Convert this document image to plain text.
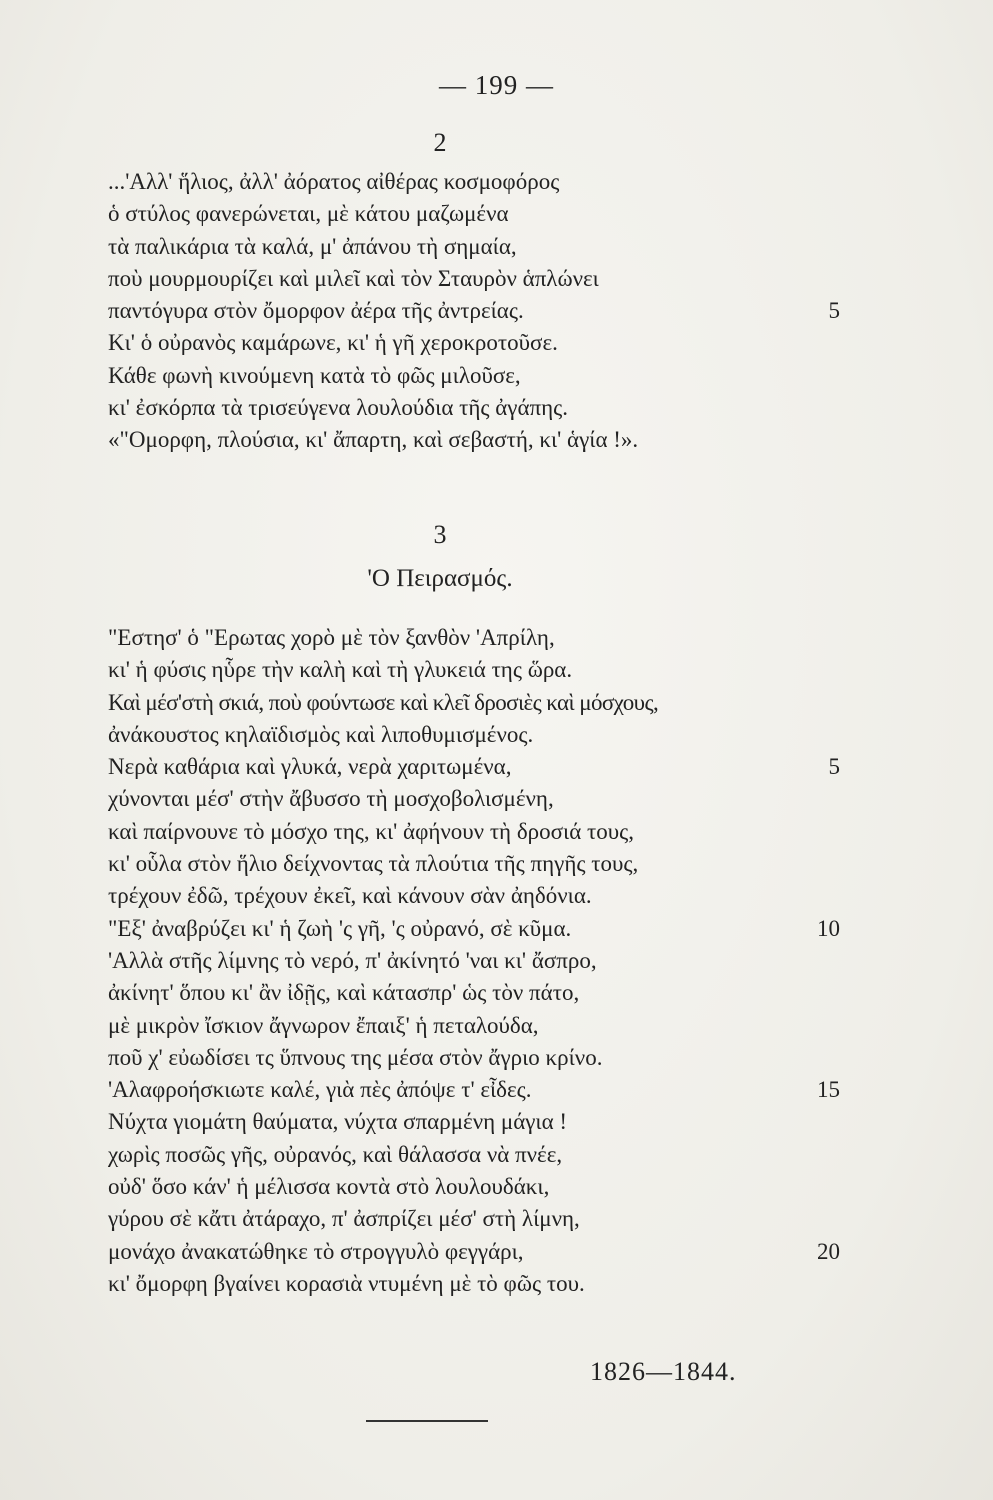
— 199 —
2
...'Αλλ' ἥλιος, ἀλλ' ἀόρατος αἰθέρας κοσμοφόρος
ὁ στύλος φανερώνεται, μὲ κάτου μαζωμένα
τὰ παλικάρια τὰ καλά, μ' ἀπάνου τὴ σημαία,
ποὺ μουρμουρίζει καὶ μιλεῖ καὶ τὸν Σταυρὸν ἁπλώνει
παντόγυρα στὸν ὄμορφον ἀέρα τῆς ἀντρείας.	5
Κι' ὁ οὐρανὸς καμάρωνε, κι' ἡ γῆ χεροκροτοῦσε.
Κάθε φωνὴ κινούμενη κατὰ τὸ φῶς μιλοῦσε,
κι' ἐσκόρπα τὰ τρισεύγενα λουλούδια τῆς ἀγάπης.
«"Ομορφη, πλούσια, κι' ἄπαρτη, καὶ σεβαστή, κι' ἁγία !».
3
'Ο Πειρασμός.
"Εστησ' ὁ "Ερωτας χορὸ μὲ τὸν ξανθὸν 'Απρίλη,
κι' ἡ φύσις ηὗρε τὴν καλὴ καὶ τὴ γλυκειά της ὥρα.
Καὶ μέσ'στὴ σκιά, ποὺ φούντωσε καὶ κλεῖ δροσιὲς καὶ μόσχους,
ἀνάκουστος κηλαϊδισμὸς καὶ λιποθυμισμένος.
Νερὰ καθάρια καὶ γλυκά, νερὰ χαριτωμένα,	5
χύνονται μέσ' στὴν ἄβυσσο τὴ μοσχοβολισμένη,
καὶ παίρνουνε τὸ μόσχο της, κι' ἀφήνουν τὴ δροσιά τους,
κι' οὗλα στὸν ἥλιο δείχνοντας τὰ πλούτια τῆς πηγῆς τους,
τρέχουν ἐδῶ, τρέχουν ἐκεῖ, καὶ κάνουν σὰν ἀηδόνια.
"Εξ' ἀναβρύζει κι' ἡ ζωὴ 'ς γῆ, 'ς οὐρανό, σὲ κῦμα.	10
'Αλλὰ στῆς λίμνης τὸ νερό, π' ἀκίνητό 'ναι κι' ἄσπρο,
ἀκίνητ' ὅπου κι' ἂν ἰδῇς, καὶ κάτασπρ' ὡς τὸν πάτο,
μὲ μικρὸν ἴσκιον ἄγνωρον ἔπαιξ' ἡ πεταλούδα,
ποῦ χ' εὐωδίσει τς ὕπνους της μέσα στὸν ἄγριο κρίνο.
'Αλαφροήσκιωτε καλέ, γιὰ πὲς ἀπόψε τ' εἶδες.	15
Νύχτα γιομάτη θαύματα, νύχτα σπαρμένη μάγια !
χωρὶς ποσῶς γῆς, οὐρανός, καὶ θάλασσα νὰ πνέε,
οὐδ' ὅσο κάν' ἡ μέλισσα κοντὰ στὸ λουλουδάκι,
γύρου σὲ κἄτι ἀτάραχο, π' ἀσπρίζει μέσ' στὴ λίμνη,
μονάχο ἀνακατώθηκε τὸ στρογγυλὸ φεγγάρι,	20
κι' ὄμορφη βγαίνει κορασιὰ ντυμένη μὲ τὸ φῶς του.
1826—1844.
